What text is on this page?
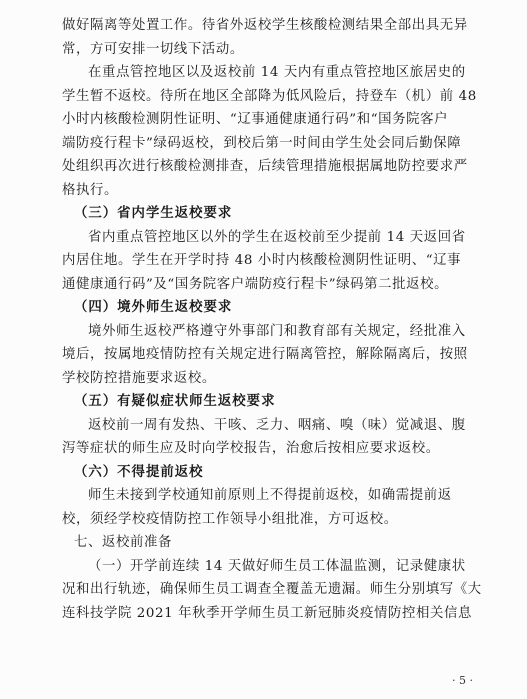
做好隔离等处置工作。待省外返校学生核酸检测结果全部出具无异
常，方可安排一切线下活动。
在重点管控地区以及返校前 14 天内有重点管控地区旅居史的
学生暂不返校。待所在地区全部降为低风险后，持登车（机）前 48
小时内核酸检测阴性证明、“辽事通健康通行码”和“国务院客户
端防疫行程卡”绿码返校，到校后第一时间由学生处会同后勤保障
处组织再次进行核酸检测排查，后续管理措施根据属地防控要求严
格执行。
（三）省内学生返校要求
省内重点管控地区以外的学生在返校前至少提前 14 天返回省
内居住地。学生在开学时持 48 小时内核酸检测阴性证明、“辽事
通健康通行码”及“国务院客户端防疫行程卡”绿码第二批返校。
（四）境外师生返校要求
境外师生返校严格遵守外事部门和教育部有关规定，经批准入
境后，按属地疫情防控有关规定进行隔离管控，解除隔离后，按照
学校防控措施要求返校。
（五）有疑似症状师生返校要求
返校前一周有发热、干咳、乏力、咽痛、嗅（味）觉减退、腹
泻等症状的师生应及时向学校报告，治愈后按相应要求返校。
（六）不得提前返校
师生未接到学校通知前原则上不得提前返校，如确需提前返
校，须经学校疫情防控工作领导小组批准，方可返校。
七、返校前准备
（一）开学前连续 14 天做好师生员工体温监测，记录健康状
况和出行轨迹，确保师生员工调查全覆盖无遗漏。师生分别填写《大
连科技学院 2021 年秋季开学师生员工新冠肺炎疫情防控相关信息
· 5 ·
